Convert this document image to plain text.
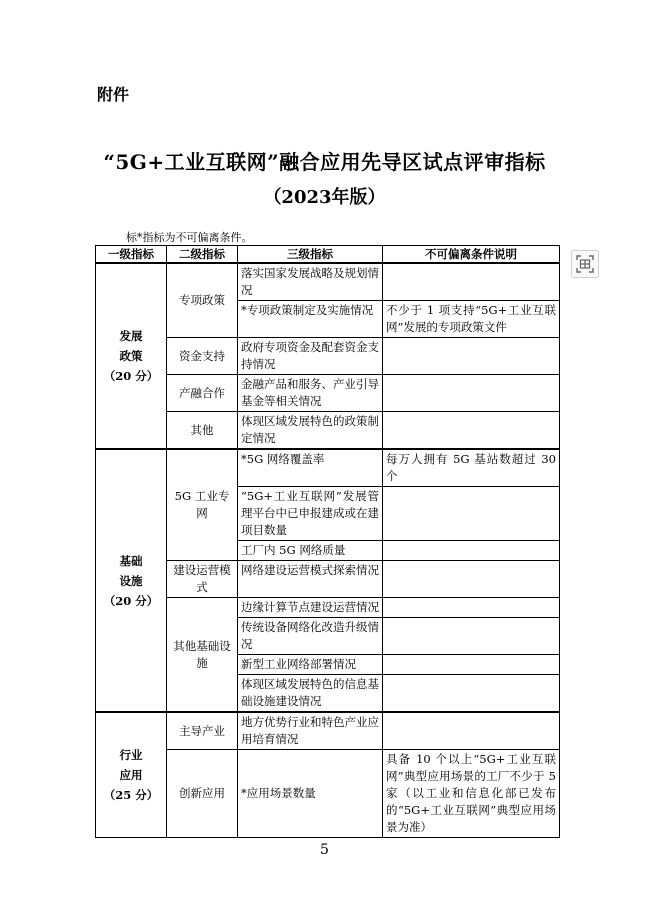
附件
“5G+工业互联网”融合应用先导区试点评审指标
（2023年版）
标*指标为不可偏离条件。
一级指标	二级指标	三级指标	不可偏离条件说明

发展
政策
（20 分）	专项政策	落实国家发展战略及规划情况	
		*专项政策制定及实施情况	不少于 1 项支持“5G+工业互联网”发展的专项政策文件
	资金支持	政府专项资金及配套资金支持情况	
	产融合作	金融产品和服务、产业引导基金等相关情况	
	其他	体现区域发展特色的政策制定情况	

基础
设施
（20 分）	5G 工业专网	*5G 网络覆盖率	每万人拥有 5G 基站数超过 30 个
		“5G+工业互联网”发展管理平台中已申报建成或在建项目数量	
		工厂内 5G 网络质量	
	建设运营模式	网络建设运营模式探索情况	
	其他基础设施	边缘计算节点建设运营情况	
		传统设备网络化改造升级情况	
		新型工业网络部署情况	
		体现区域发展特色的信息基础设施建设情况	

行业
应用
（25 分）	主导产业	地方优势行业和特色产业应用培育情况	
	创新应用	*应用场景数量	具备 10 个以上“5G+工业互联网”典型应用场景的工厂不少于 5 家（以工业和信息化部已发布的“5G+工业互联网”典型应用场景为准）
5
